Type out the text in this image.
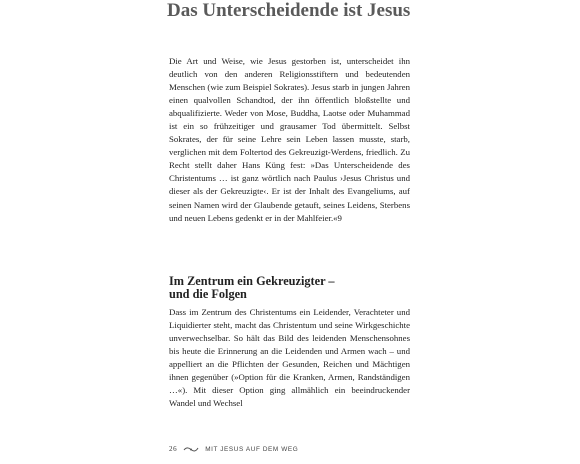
Das Unterscheidende ist Jesus

Die Art und Weise, wie Jesus gestorben ist, unterscheidet ihn deutlich von den anderen Religionsstiftern und bedeutenden Menschen (wie zum Beispiel Sokrates). Jesus starb in jungen Jahren einen qualvollen Schandtod, der ihn öffentlich bloßstellte und abqualifizierte. Weder von Mose, Buddha, Laotse oder Muhammad ist ein so frühzeitiger und grausamer Tod übermittelt. Selbst Sokrates, der für seine Lehre sein Leben lassen musste, starb, verglichen mit dem Foltertod des Gekreuzigt-Werdens, friedlich. Zu Recht stellt daher Hans Küng fest: »Das Unterscheidende des Christentums … ist ganz wörtlich nach Paulus ›Jesus Christus und dieser als der Gekreuzigte‹. Er ist der Inhalt des Evangeliums, auf seinen Namen wird der Glaubende getauft, seines Leidens, Sterbens und neuen Lebens gedenkt er in der Mahlfeier.«9

Im Zentrum ein Gekreuzigter –
und die Folgen

Dass im Zentrum des Christentums ein Leidender, Verachteter und Liquidierter steht, macht das Christentum und seine Wirkgeschichte unverwechselbar. So hält das Bild des leidenden Menschensohnes bis heute die Erinnerung an die Leidenden und Armen wach – und appelliert an die Pflichten der Gesunden, Reichen und Mächtigen ihnen gegenüber (»Option für die Kranken, Armen, Randständigen …«). Mit dieser Option ging allmählich ein beeindruckender Wandel und Wechsel

26	MIT JESUS AUF DEM WEG
